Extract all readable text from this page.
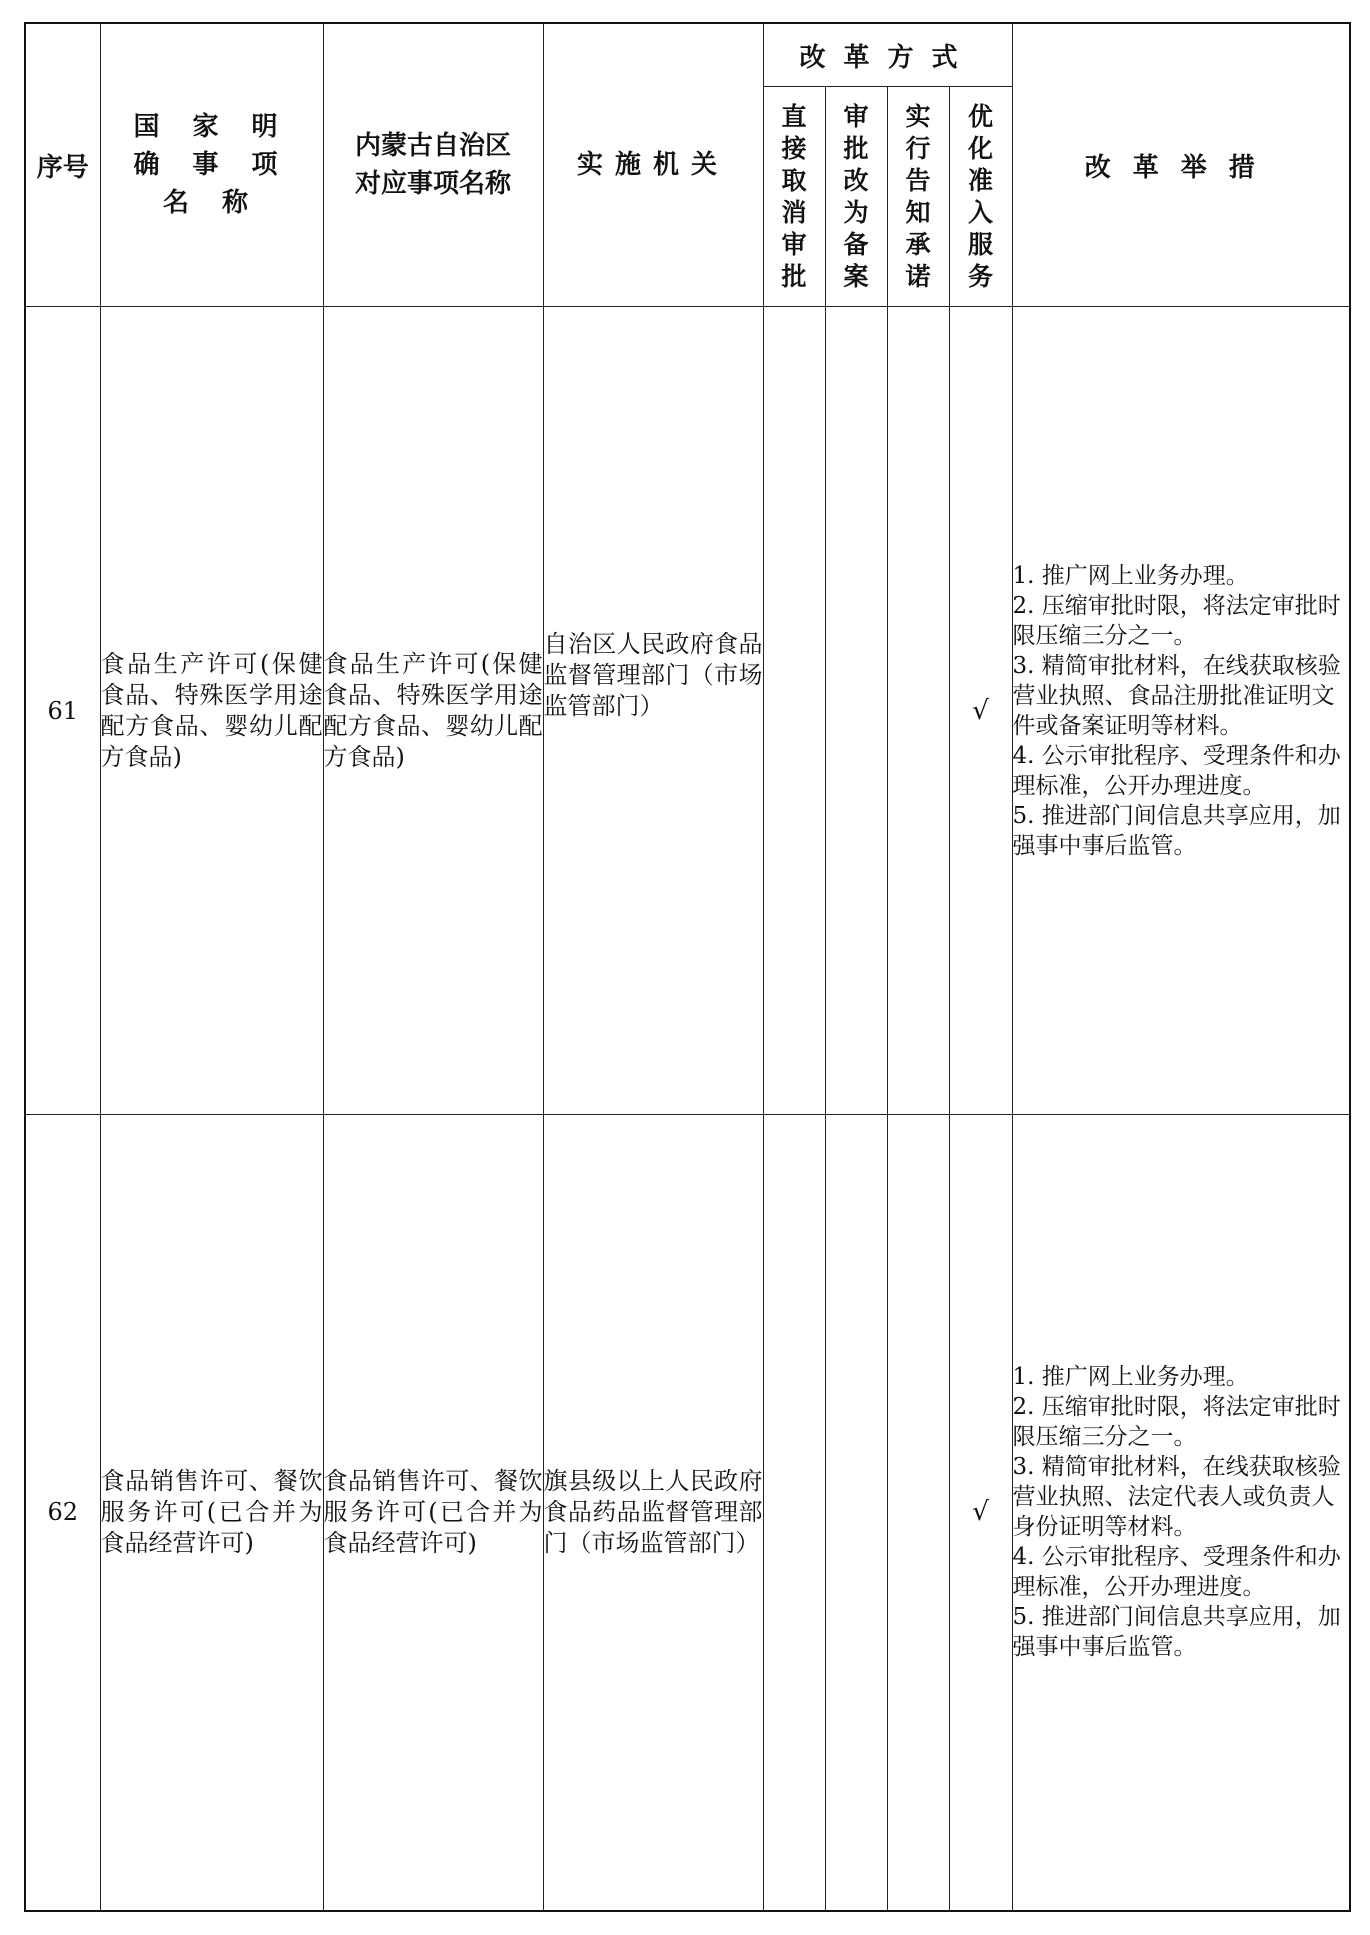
序号	国 家 明 确 事 项 名 称	内蒙古自治区 对应事项名称	实施机关	改革方式				改革举措
				直接取消审批	审批改为备案	实行告知承诺	优化准入服务	
61	食品生产许可(保健食品、特殊医学用途配方食品、婴幼儿配方食品)	食品生产许可(保健食品、特殊医学用途配方食品、婴幼儿配方食品)	自治区人民政府食品监督管理部门（市场监管部门）				√	1. 推广网上业务办理。
2. 压缩审批时限，将法定审批时限压缩三分之一。
3. 精简审批材料，在线获取核验营业执照、食品注册批准证明文件或备案证明等材料。
4. 公示审批程序、受理条件和办理标准，公开办理进度。
5. 推进部门间信息共享应用，加强事中事后监管。

62	食品销售许可、餐饮服务许可(已合并为食品经营许可)	食品销售许可、餐饮服务许可(已合并为食品经营许可)	旗县级以上人民政府食品药品监督管理部门（市场监管部门）				√	1. 推广网上业务办理。
2. 压缩审批时限，将法定审批时限压缩三分之一。
3. 精简审批材料，在线获取核验营业执照、法定代表人或负责人身份证明等材料。
4. 公示审批程序、受理条件和办理标准，公开办理进度。
5. 推进部门间信息共享应用，加强事中事后监管。
